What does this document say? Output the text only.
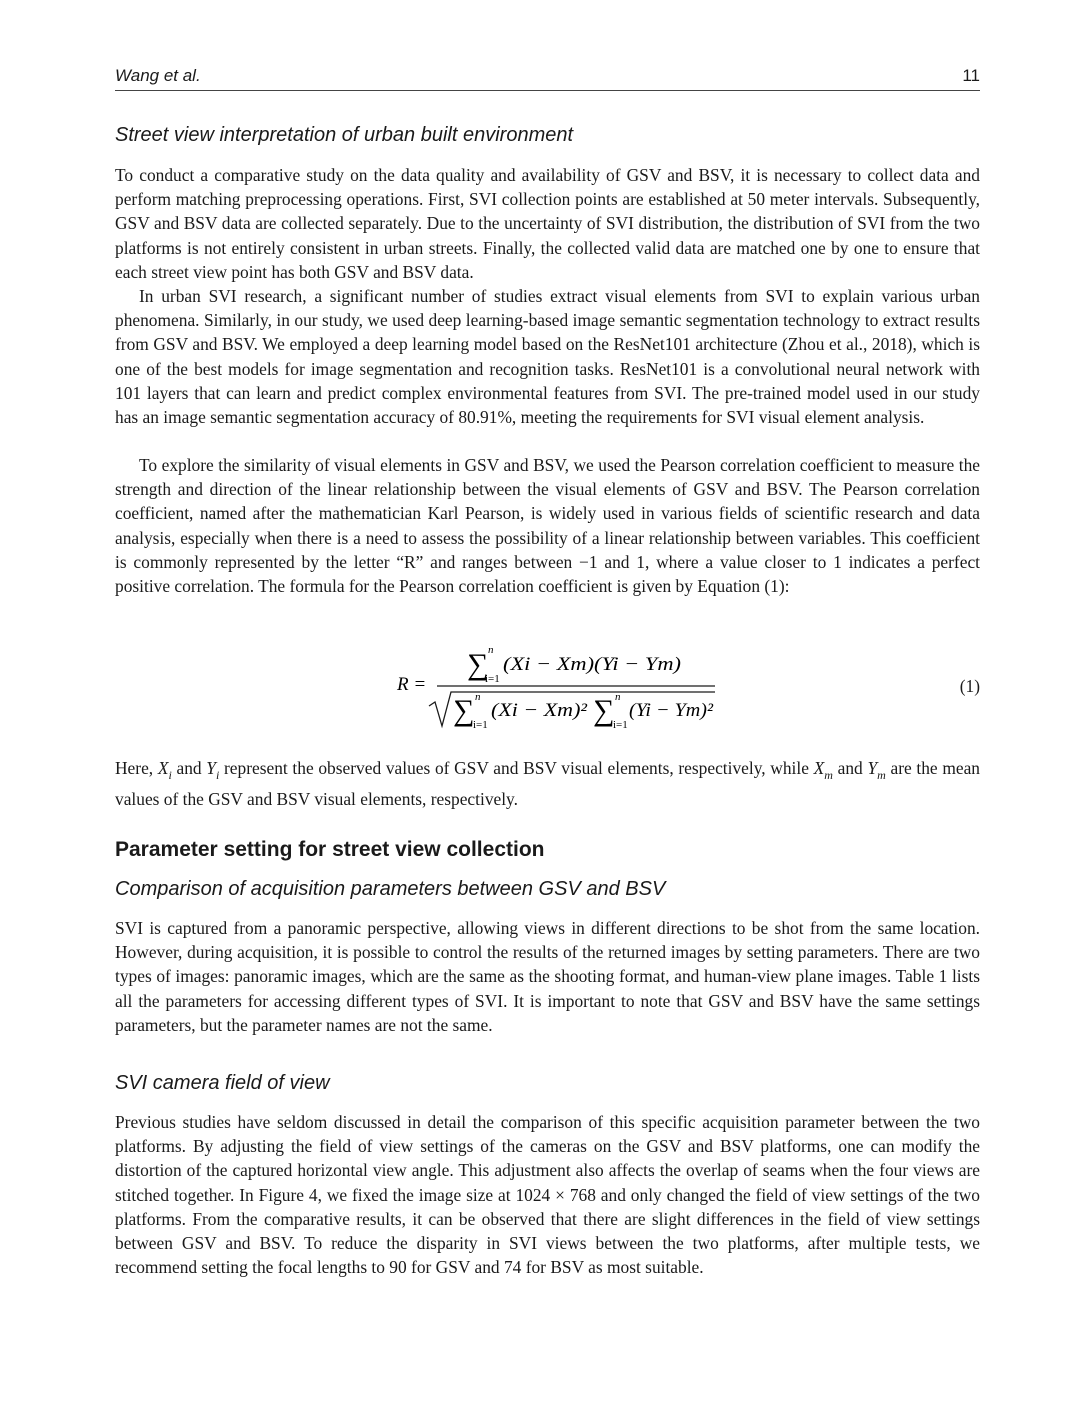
Wang et al.	11
Street view interpretation of urban built environment

To conduct a comparative study on the data quality and availability of GSV and BSV, it is necessary to collect data and perform matching preprocessing operations. First, SVI collection points are established at 50 meter intervals. Subsequently, GSV and BSV data are collected separately. Due to the uncertainty of SVI distribution, the distribution of SVI from the two platforms is not entirely consistent in urban streets. Finally, the collected valid data are matched one by one to ensure that each street view point has both GSV and BSV data.

In urban SVI research, a significant number of studies extract visual elements from SVI to explain various urban phenomena. Similarly, in our study, we used deep learning-based image semantic segmentation technology to extract results from GSV and BSV. We employed a deep learning model based on the ResNet101 architecture (Zhou et al., 2018), which is one of the best models for image segmentation and recognition tasks. ResNet101 is a convolutional neural network with 101 layers that can learn and predict complex environmental features from SVI. The pre-trained model used in our study has an image semantic segmentation accuracy of 80.91%, meeting the requirements for SVI visual element analysis.

To explore the similarity of visual elements in GSV and BSV, we used the Pearson correlation coefficient to measure the strength and direction of the linear relationship between the visual elements of GSV and BSV. The Pearson correlation coefficient, named after the mathematician Karl Pearson, is widely used in various fields of scientific research and data analysis, especially when there is a need to assess the possibility of a linear relationship between variables. This coefficient is commonly represented by the letter “R” and ranges between −1 and 1, where a value closer to 1 indicates a perfect positive correlation. The formula for the Pearson correlation coefficient is given by Equation (1):

R =
∑ n
i=1
(Xi − Xm)(Yi − Ym)
∑ n
i=1
(Xi − Xm)² ∑ n
i=1
(Yi − Ym)²
(1)

Here, $X_i$ and $Y_i$ represent the observed values of GSV and BSV visual elements, respectively, while $X_m$ and $Y_m$ are the mean values of the GSV and BSV visual elements, respectively.

Parameter setting for street view collection
Comparison of acquisition parameters between GSV and BSV

SVI is captured from a panoramic perspective, allowing views in different directions to be shot from the same location. However, during acquisition, it is possible to control the results of the returned images by setting parameters. There are two types of images: panoramic images, which are the same as the shooting format, and human-view plane images. Table 1 lists all the parameters for accessing different types of SVI. It is important to note that GSV and BSV have the same settings parameters, but the parameter names are not the same.

SVI camera field of view

Previous studies have seldom discussed in detail the comparison of this specific acquisition parameter between the two platforms. By adjusting the field of view settings of the cameras on the GSV and BSV platforms, one can modify the distortion of the captured horizontal view angle. This adjustment also affects the overlap of seams when the four views are stitched together. In Figure 4, we fixed the image size at 1024 × 768 and only changed the field of view settings of the two platforms. From the comparative results, it can be observed that there are slight differences in the field of view settings between GSV and BSV. To reduce the disparity in SVI views between the two platforms, after multiple tests, we recommend setting the focal lengths to 90 for GSV and 74 for BSV as most suitable.
